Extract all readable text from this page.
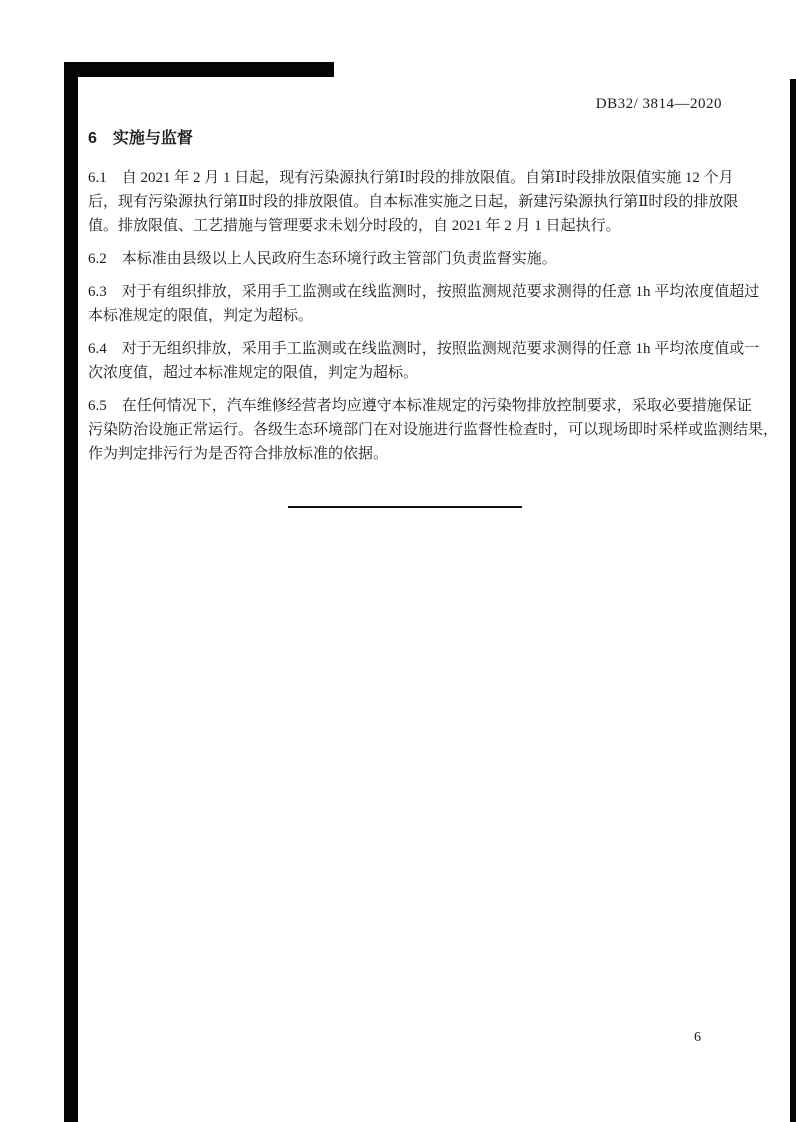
DB32/ 3814—2020
6　实施与监督
6.1　自 2021 年 2 月 1 日起，现有污染源执行第Ⅰ时段的排放限值。自第Ⅰ时段排放限值实施 12 个月
后，现有污染源执行第Ⅱ时段的排放限值。自本标准实施之日起，新建污染源执行第Ⅱ时段的排放限
值。排放限值、工艺措施与管理要求未划分时段的，自 2021 年 2 月 1 日起执行。
6.2　本标准由县级以上人民政府生态环境行政主管部门负责监督实施。
6.3　对于有组织排放，采用手工监测或在线监测时，按照监测规范要求测得的任意 1h 平均浓度值超过
本标准规定的限值，判定为超标。
6.4　对于无组织排放，采用手工监测或在线监测时，按照监测规范要求测得的任意 1h 平均浓度值或一
次浓度值，超过本标准规定的限值，判定为超标。
6.5　在任何情况下，汽车维修经营者均应遵守本标准规定的污染物排放控制要求，采取必要措施保证
污染防治设施正常运行。各级生态环境部门在对设施进行监督性检查时，可以现场即时采样或监测结果，
作为判定排污行为是否符合排放标准的依据。
6
